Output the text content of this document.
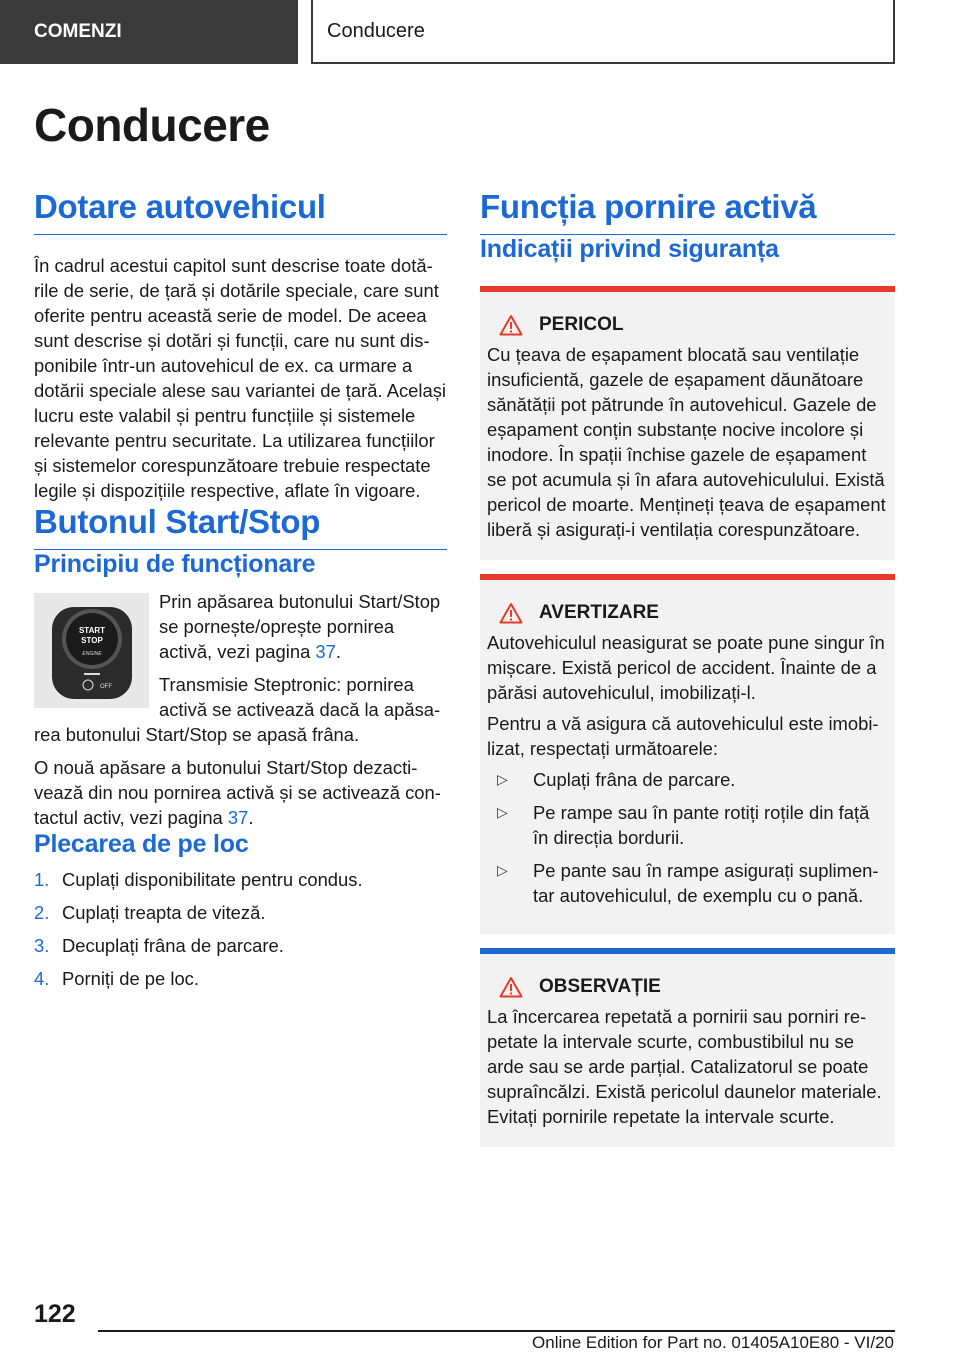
COMENZI	Conducere
Conducere
Dotare autovehicul

În cadrul acestui capitol sunt descrise toate dotările de serie, de țară și dotările speciale, care sunt oferite pentru această serie de model. De aceea sunt descrise și dotări și funcții, care nu sunt disponibile într-un autovehicul de ex. ca urmare a dotării speciale alese sau variantei de țară. Același lucru este valabil și pentru funcțiile și sistemele relevante pentru securitate. La utilizarea funcțiilor și sistemelor corespunzătoare trebuie respectate legile și dispozițiile respective, aflate în vigoare.

Butonul Start/Stop
Principiu de funcționare
START
STOP
ENGINE
OFF

Prin apăsarea butonului Start/Stop se pornește/oprește pornirea activă, vezi pagina 37.

Transmisie Steptronic: pornirea activă se activează dacă la apăsarea butonului Start/Stop se apasă frâna.

O nouă apăsare a butonului Start/Stop dezactivează din nou pornirea activă și se activează contactul activ, vezi pagina 37.

Plecarea de pe loc
1. Cuplați disponibilitate pentru condus.
2. Cuplați treapta de viteză.
3. Decuplați frâna de parcare.
4. Porniți de pe loc.
Funcția pornire activă
Indicații privind siguranța
PERICOL

Cu țeava de eșapament blocată sau ventilație insuficientă, gazele de eșapament dăunătoare sănătății pot pătrunde în autovehicul. Gazele de eșapament conțin substanțe nocive incolore și inodore. În spații închise gazele de eșapament se pot acumula și în afara autovehiculului. Există pericol de moarte. Mențineți țeava de eșapament liberă și asigurați-i ventilația corespunzătoare.

AVERTIZARE

Autovehiculul neasigurat se poate pune singur în mișcare. Există pericol de accident. Înainte de a părăsi autovehiculul, imobilizați-l.

Pentru a vă asigura că autovehiculul este imobilizat, respectați următoarele:

▷	Cuplați frâna de parcare.
▷	Pe rampe sau în pante rotiți roțile din față în direcția bordurii.
▷	Pe pante sau în rampe asigurați suplimentar autovehiculul, de exemplu cu o pană.
OBSERVAȚIE

La încercarea repetată a pornirii sau porniri repetate la intervale scurte, combustibilul nu se arde sau se arde parțial. Catalizatorul se poate supraîncălzi. Există pericolul daunelor materiale. Evitați pornirile repetate la intervale scurte.

122
Online Edition for Part no. 01405A10E80 - VI/20
